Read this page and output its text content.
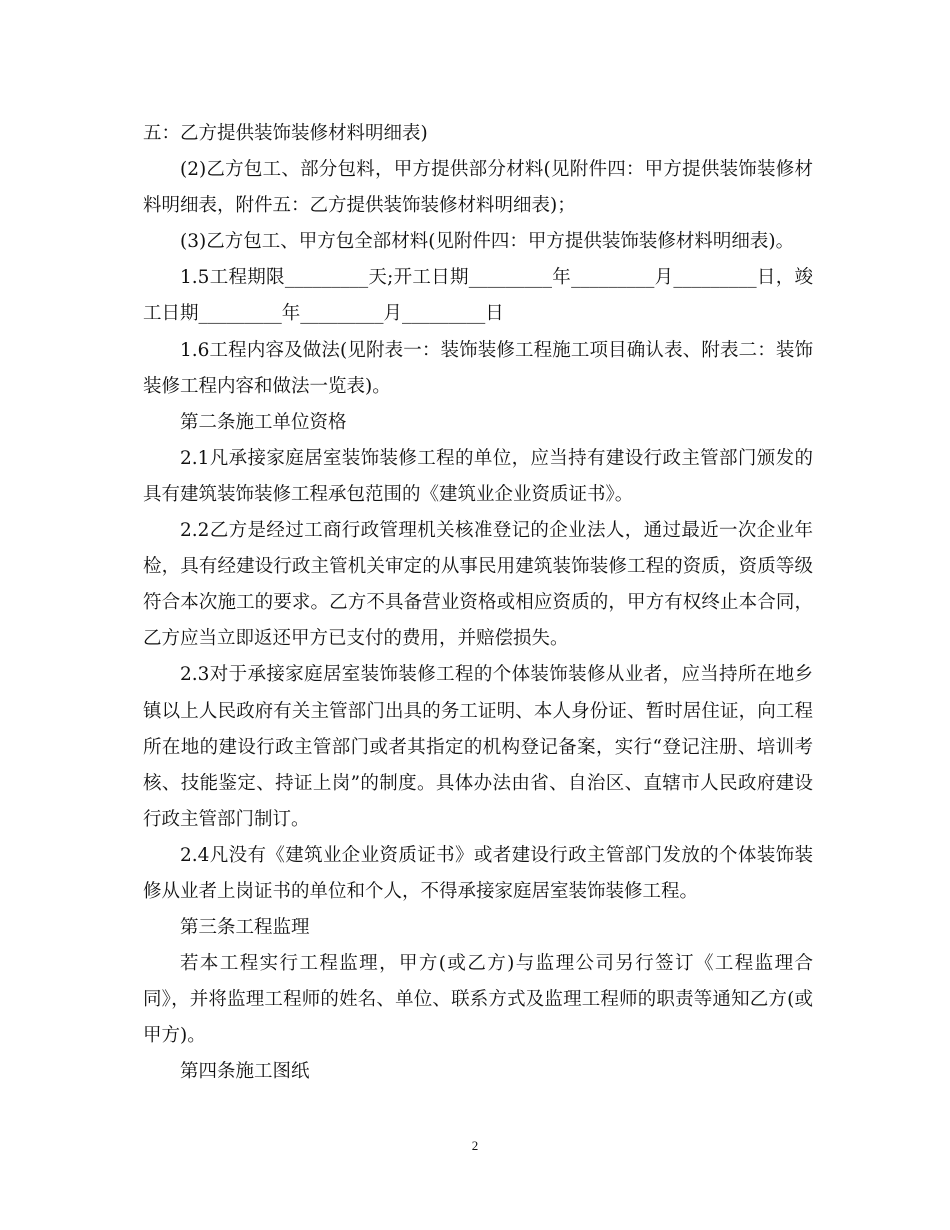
五：乙方提供装饰装修材料明细表)

(2)乙方包工、部分包料，甲方提供部分材料(见附件四：甲方提供装饰装修材料明细表，附件五：乙方提供装饰装修材料明细表)；

(3)乙方包工、甲方包全部材料(见附件四：甲方提供装饰装修材料明细表)。

1.5工程期限_________天;开工日期_________年_________月_________日，竣工日期_________年_________月_________日

1.6工程内容及做法(见附表一：装饰装修工程施工项目确认表、附表二：装饰装修工程内容和做法一览表)。

第二条施工单位资格

2.1凡承接家庭居室装饰装修工程的单位，应当持有建设行政主管部门颁发的具有建筑装饰装修工程承包范围的《建筑业企业资质证书》。

2.2乙方是经过工商行政管理机关核准登记的企业法人，通过最近一次企业年检，具有经建设行政主管机关审定的从事民用建筑装饰装修工程的资质，资质等级符合本次施工的要求。乙方不具备营业资格或相应资质的，甲方有权终止本合同，乙方应当立即返还甲方已支付的费用，并赔偿损失。

2.3对于承接家庭居室装饰装修工程的个体装饰装修从业者，应当持所在地乡镇以上人民政府有关主管部门出具的务工证明、本人身份证、暂时居住证，向工程所在地的建设行政主管部门或者其指定的机构登记备案，实行“登记注册、培训考核、技能鉴定、持证上岗”的制度。具体办法由省、自治区、直辖市人民政府建设行政主管部门制订。

2.4凡没有《建筑业企业资质证书》或者建设行政主管部门发放的个体装饰装修从业者上岗证书的单位和个人，不得承接家庭居室装饰装修工程。

第三条工程监理

若本工程实行工程监理，甲方(或乙方)与监理公司另行签订《工程监理合同》，并将监理工程师的姓名、单位、联系方式及监理工程师的职责等通知乙方(或甲方)。

第四条施工图纸

2
